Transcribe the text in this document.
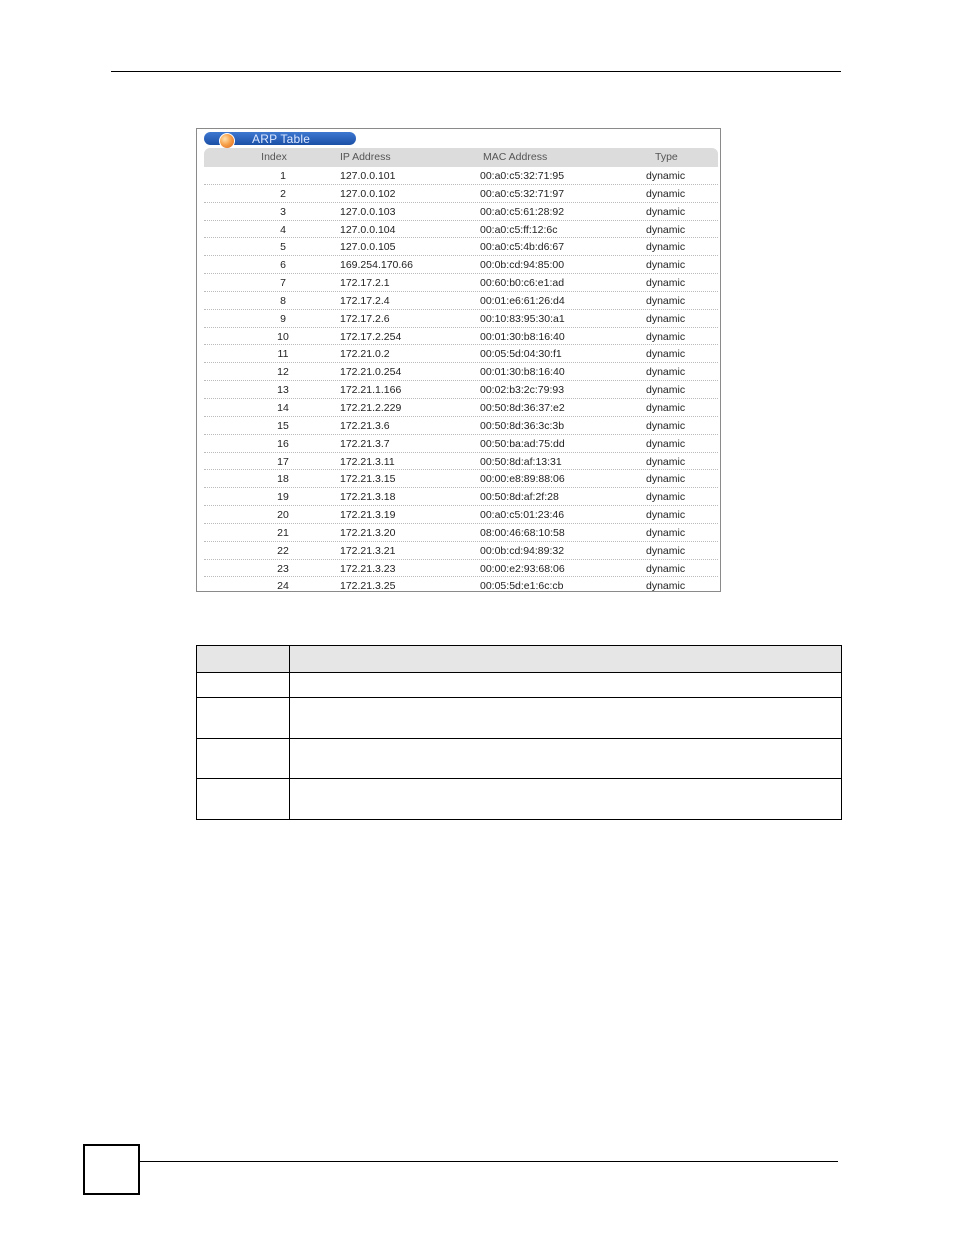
ARP Table
Index	IP Address	MAC Address	Type
1	127.0.0.101	00:a0:c5:32:71:95	dynamic
2	127.0.0.102	00:a0:c5:32:71:97	dynamic
3	127.0.0.103	00:a0:c5:61:28:92	dynamic
4	127.0.0.104	00:a0:c5:ff:12:6c	dynamic
5	127.0.0.105	00:a0:c5:4b:d6:67	dynamic
6	169.254.170.66	00:0b:cd:94:85:00	dynamic
7	172.17.2.1	00:60:b0:c6:e1:ad	dynamic
8	172.17.2.4	00:01:e6:61:26:d4	dynamic
9	172.17.2.6	00:10:83:95:30:a1	dynamic
10	172.17.2.254	00:01:30:b8:16:40	dynamic
11	172.21.0.2	00:05:5d:04:30:f1	dynamic
12	172.21.0.254	00:01:30:b8:16:40	dynamic
13	172.21.1.166	00:02:b3:2c:79:93	dynamic
14	172.21.2.229	00:50:8d:36:37:e2	dynamic
15	172.21.3.6	00:50:8d:36:3c:3b	dynamic
16	172.21.3.7	00:50:ba:ad:75:dd	dynamic
17	172.21.3.11	00:50:8d:af:13:31	dynamic
18	172.21.3.15	00:00:e8:89:88:06	dynamic
19	172.21.3.18	00:50:8d:af:2f:28	dynamic
20	172.21.3.19	00:a0:c5:01:23:46	dynamic
21	172.21.3.20	08:00:46:68:10:58	dynamic
22	172.21.3.21	00:0b:cd:94:89:32	dynamic
23	172.21.3.23	00:00:e2:93:68:06	dynamic
24	172.21.3.25	00:05:5d:e1:6c:cb	dynamic
